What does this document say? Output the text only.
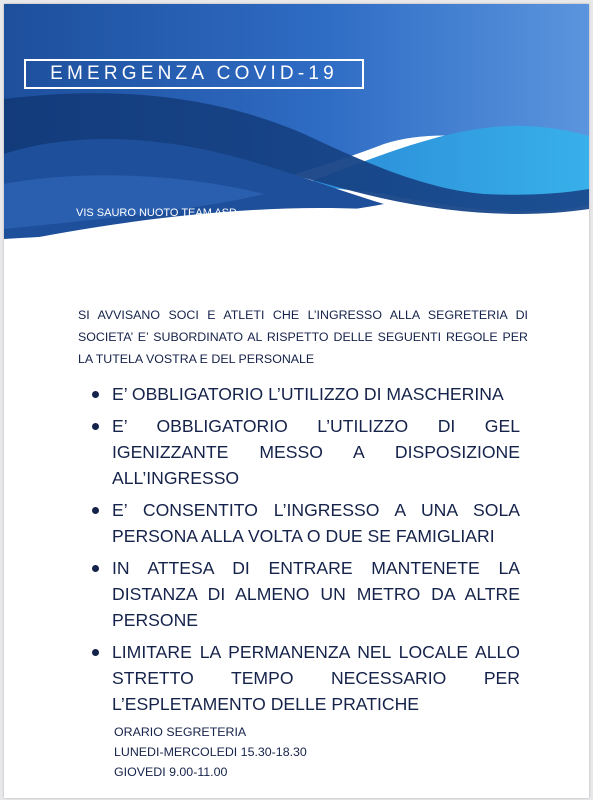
EMERGENZA COVID-19
VIS SAURO NUOTO TEAM ASD
SI AVVISANO SOCI E ATLETI CHE L’INGRESSO ALLA SEGRETERIA DI SOCIETA’ E’ SUBORDINATO AL RISPETTO DELLE SEGUENTI REGOLE PER LA TUTELA VOSTRA E DEL PERSONALE
E’ OBBLIGATORIO L’UTILIZZO DI MASCHERINA
E’ OBBLIGATORIO L’UTILIZZO DI GEL IGENIZZANTE MESSO A DISPOSIZIONE ALL’INGRESSO
E’ CONSENTITO L’INGRESSO A UNA SOLA PERSONA ALLA VOLTA O DUE SE FAMIGLIARI
IN ATTESA DI ENTRARE MANTENETE LA DISTANZA DI ALMENO UN METRO DA ALTRE PERSONE
LIMITARE LA PERMANENZA NEL LOCALE ALLO STRETTO TEMPO NECESSARIO PER L’ESPLETAMENTO DELLE PRATICHE
ORARIO SEGRETERIA
LUNEDI-MERCOLEDI 15.30-18.30
GIOVEDI 9.00-11.00
